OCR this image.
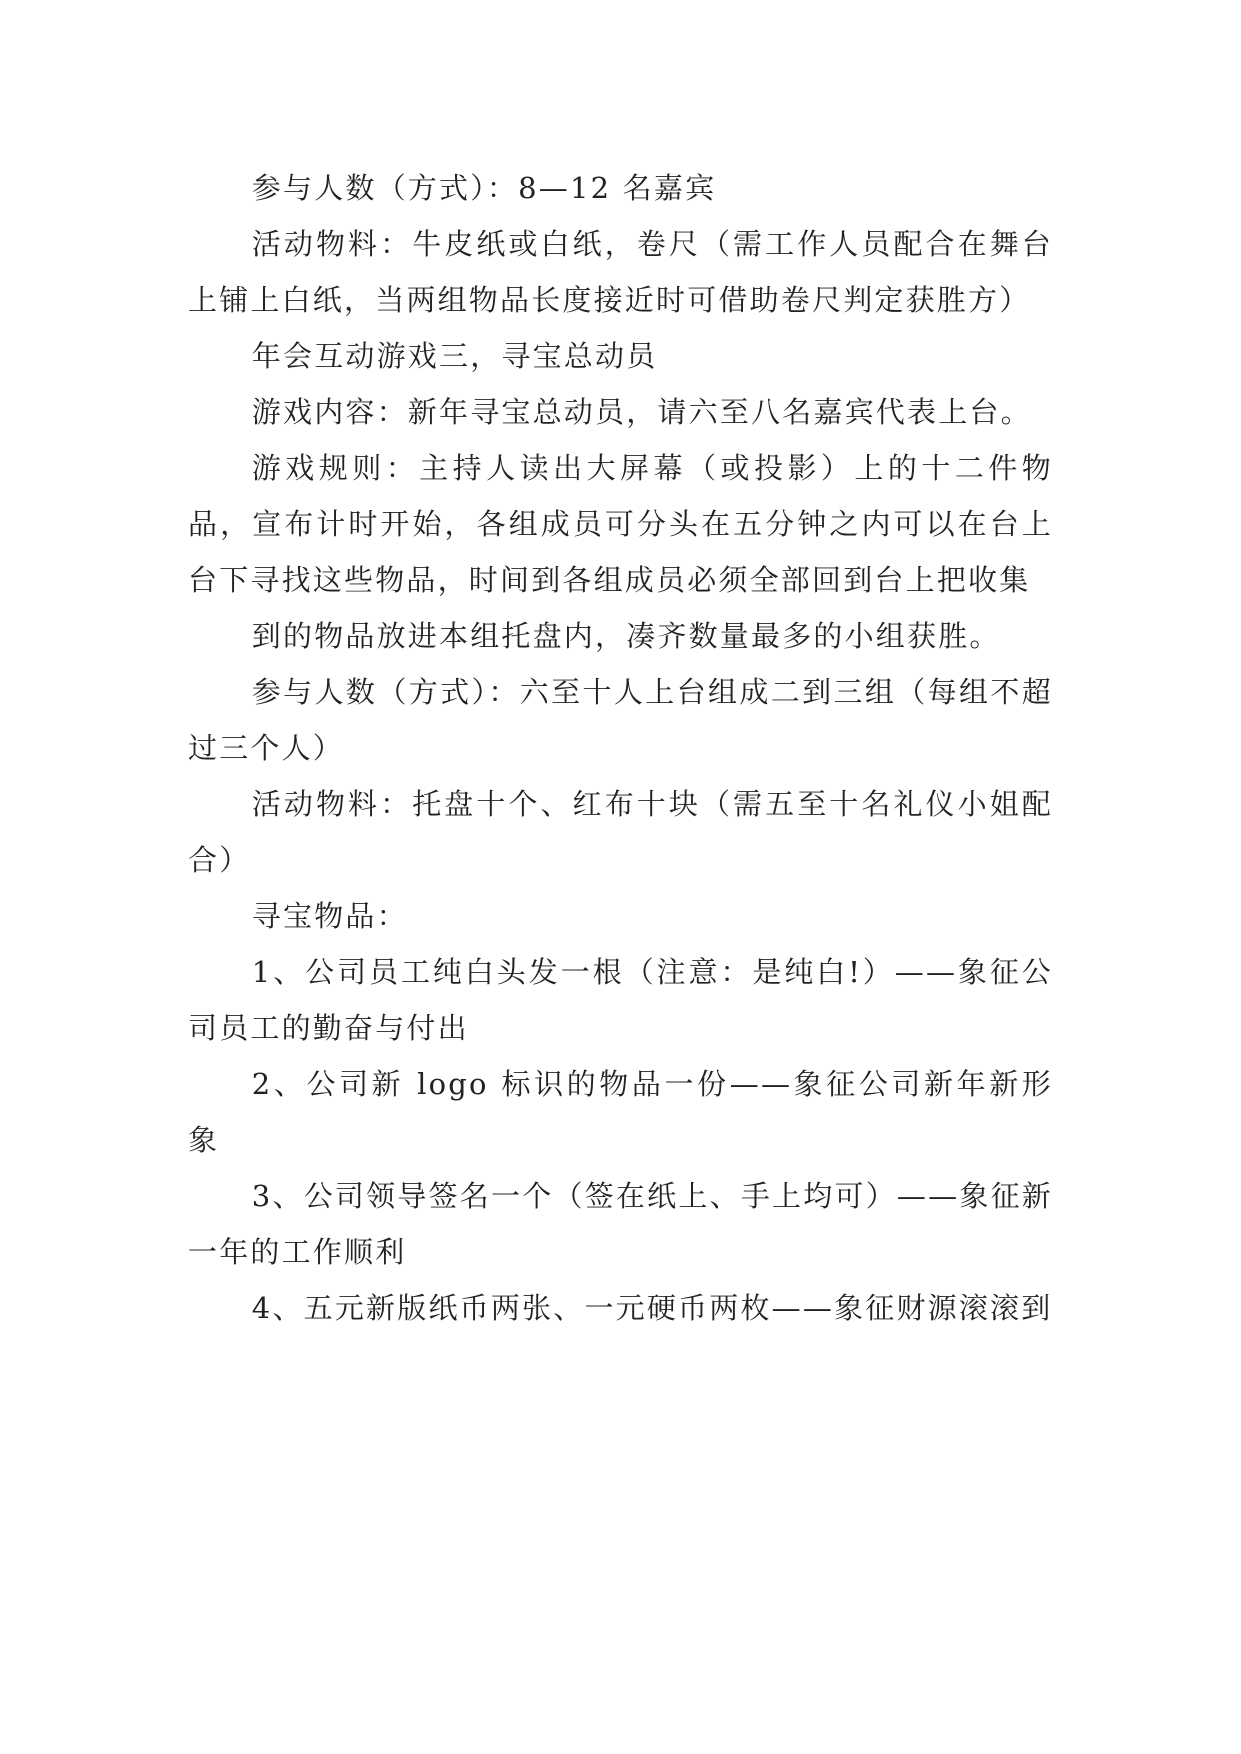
参与人数（方式）：8—12 名嘉宾

活动物料：牛皮纸或白纸，卷尺（需工作人员配合在舞台上铺上白纸，当两组物品长度接近时可借助卷尺判定获胜方）

年会互动游戏三，寻宝总动员

游戏内容：新年寻宝总动员，请六至八名嘉宾代表上台。

游戏规则：主持人读出大屏幕（或投影）上的十二件物品，宣布计时开始，各组成员可分头在五分钟之内可以在台上台下寻找这些物品，时间到各组成员必须全部回到台上把收集

到的物品放进本组托盘内，凑齐数量最多的小组获胜。

参与人数（方式）：六至十人上台组成二到三组（每组不超过三个人）

活动物料：托盘十个、红布十块（需五至十名礼仪小姐配合）

寻宝物品：

1、公司员工纯白头发一根（注意：是纯白!）——象征公司员工的勤奋与付出

2、公司新 logo 标识的物品一份——象征公司新年新形象

3、公司领导签名一个（签在纸上、手上均可）——象征新一年的工作顺利

4、五元新版纸币两张、一元硬币两枚——象征财源滚滚到
